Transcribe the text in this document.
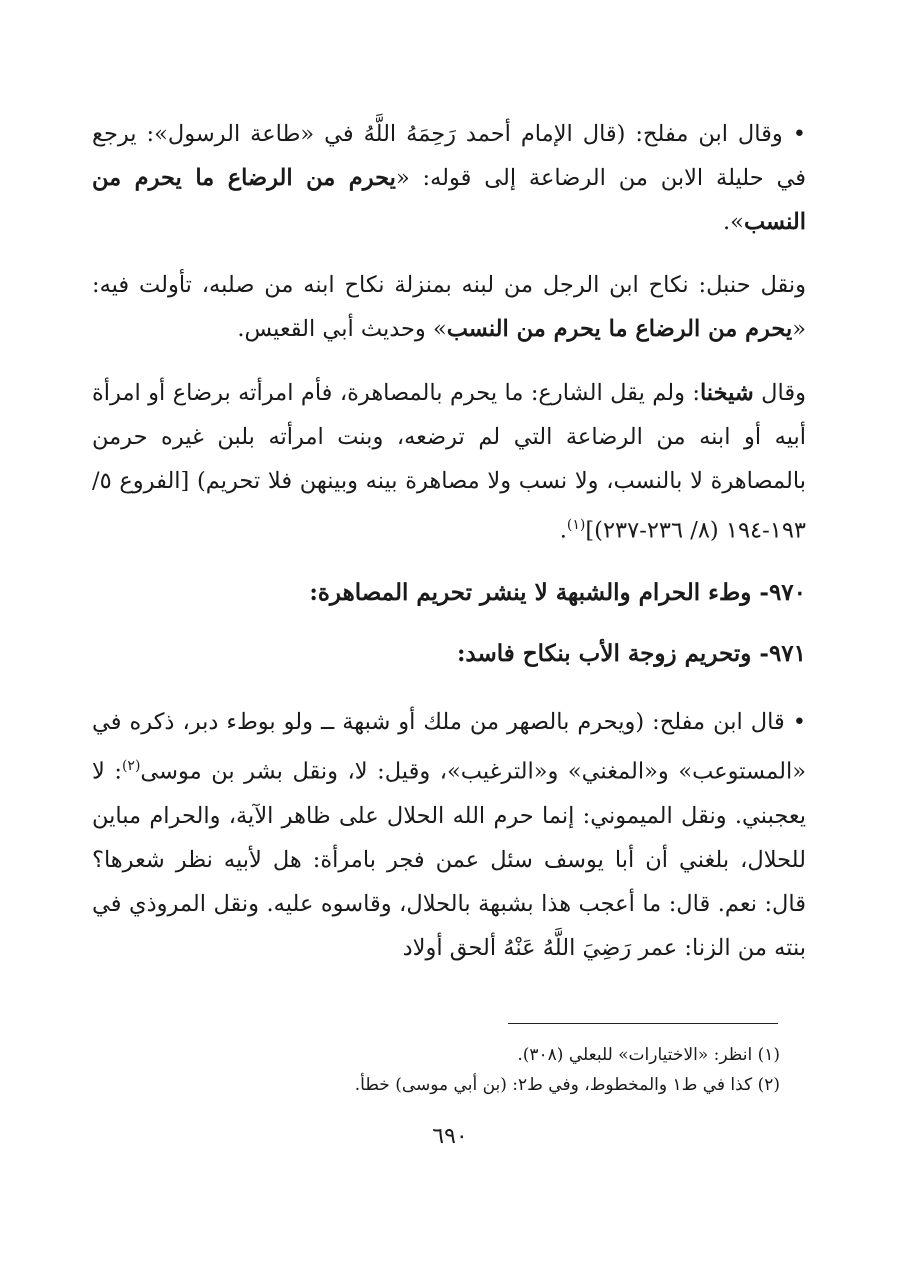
• وقال ابن مفلح: (قال الإمام أحمد رَحِمَهُ اللَّهُ في «طاعة الرسول»: يرجع في حليلة الابن من الرضاعة إلى قوله: «يحرم من الرضاع ما يحرم من النسب».

ونقل حنبل: نكاح ابن الرجل من لبنه بمنزلة نكاح ابنه من صلبه، تأولت فيه: «يحرم من الرضاع ما يحرم من النسب» وحديث أبي القعيس.

وقال شيخنا: ولم يقل الشارع: ما يحرم بالمصاهرة، فأم امرأته برضاع أو امرأة أبيه أو ابنه من الرضاعة التي لم ترضعه، وبنت امرأته بلبن غيره حرمن بالمصاهرة لا بالنسب، ولا نسب ولا مصاهرة بينه وبينهن فلا تحريم) [الفروع ٥/ ١٩٣-١٩٤ (٨/ ٢٣٦-٢٣٧)]$^{(١)}$.

٩٧٠- وطء الحرام والشبهة لا ينشر تحريم المصاهرة:
٩٧١- وتحريم زوجة الأب بنكاح فاسد:

• قال ابن مفلح: (ويحرم بالصهر من ملك أو شبهة ــ ولو بوطء دبر، ذكره في «المستوعب» و«المغني» و«الترغيب»، وقيل: لا، ونقل بشر بن موسى$^{(٢)}$: لا يعجبني. ونقل الميموني: إنما حرم الله الحلال على ظاهر الآية، والحرام مباين للحلال، بلغني أن أبا يوسف سئل عمن فجر بامرأة: هل لأبيه نظر شعرها؟ قال: نعم. قال: ما أعجب هذا بشبهة بالحلال، وقاسوه عليه. ونقل المروذي في بنته من الزنا: عمر رَضِيَ اللَّهُ عَنْهُ ألحق أولاد

(١) انظر: «الاختيارات» للبعلي (٣٠٨).

(٢) كذا في ط١ والمخطوط، وفي ط٢: (بن أبي موسى) خطأ.

٦٩٠
